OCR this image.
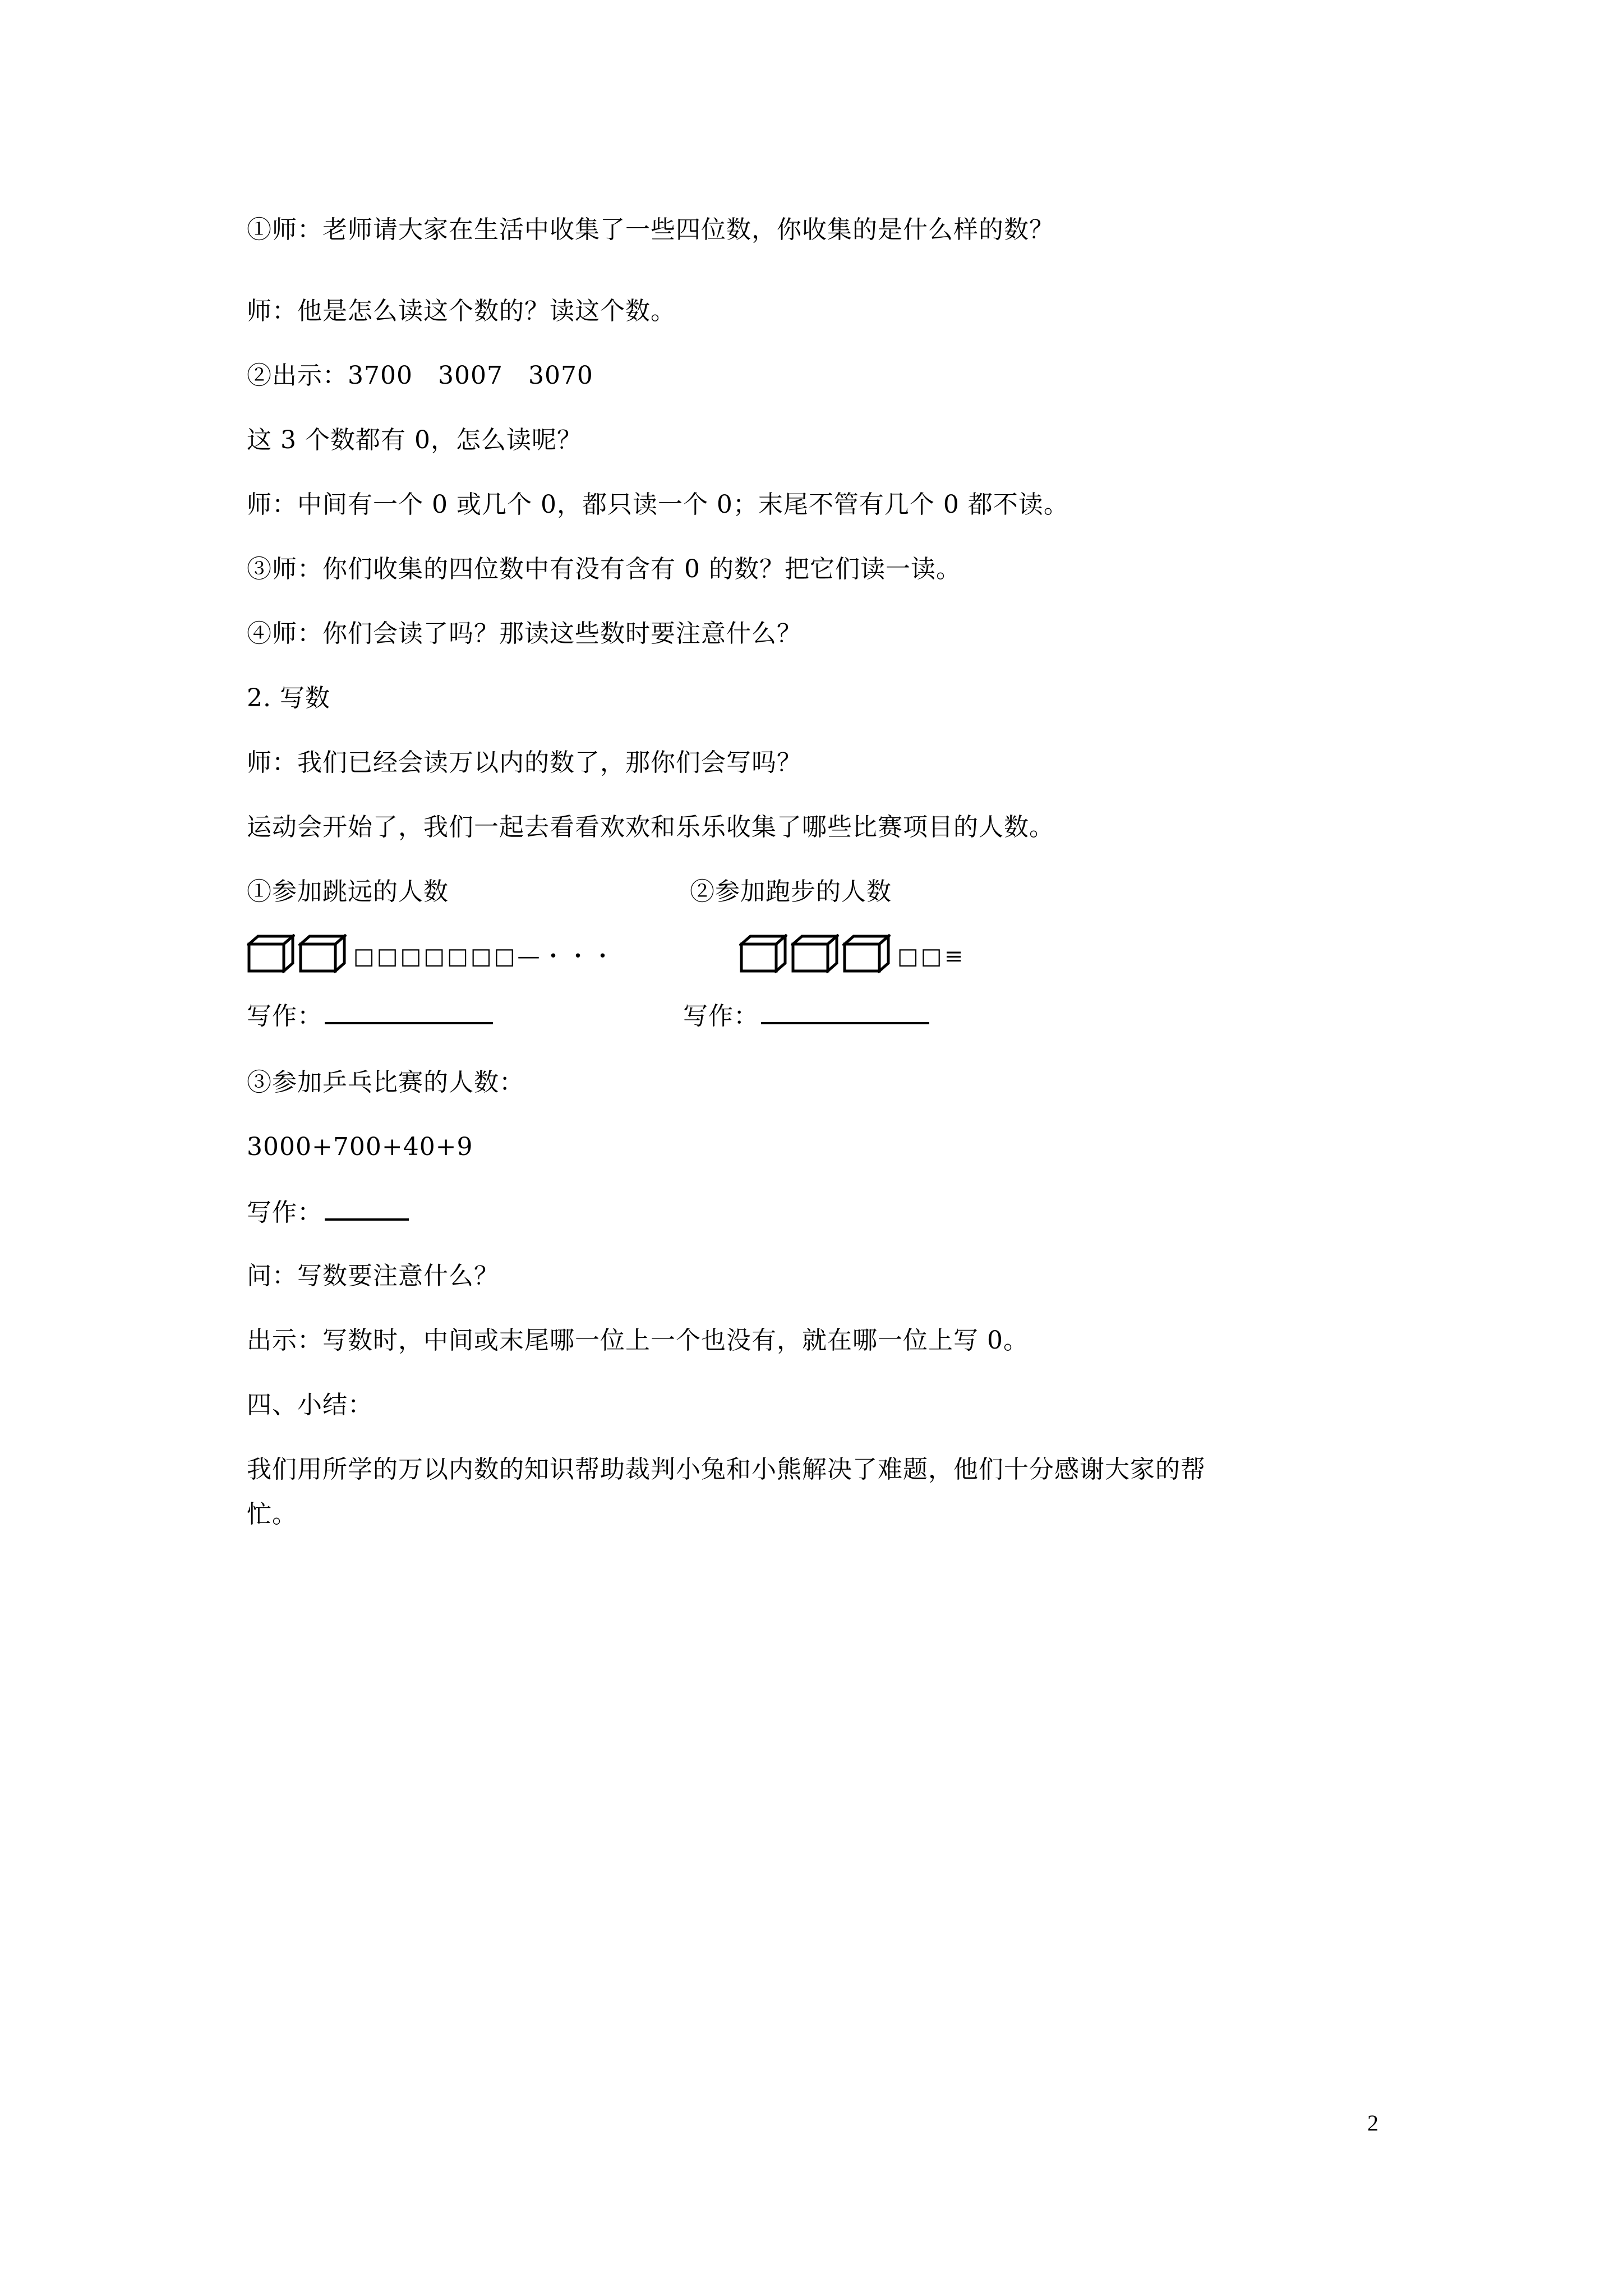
①师：老师请大家在生活中收集了一些四位数，你收集的是什么样的数？
师：他是怎么读这个数的？读这个数。
②出示：3700　3007　3070
这 3 个数都有 0，怎么读呢？
师：中间有一个 0 或几个 0，都只读一个 0；末尾不管有几个 0 都不读。
③师：你们收集的四位数中有没有含有 0 的数？把它们读一读。
④师：你们会读了吗？那读这些数时要注意什么？
2. 写数
师：我们已经会读万以内的数了，那你们会写吗？
运动会开始了，我们一起去看看欢欢和乐乐收集了哪些比赛项目的人数。
①参加跳远的人数	②参加跑步的人数
□□□□□□□—・・・	□□≡
写作：	写作：
③参加乒乓比赛的人数：
3000+700+40+9
写作：
问：写数要注意什么？
出示：写数时，中间或末尾哪一位上一个也没有，就在哪一位上写 0。
四、小结：
我们用所学的万以内数的知识帮助裁判小兔和小熊解决了难题，他们十分感谢大家的帮
忙。
2
